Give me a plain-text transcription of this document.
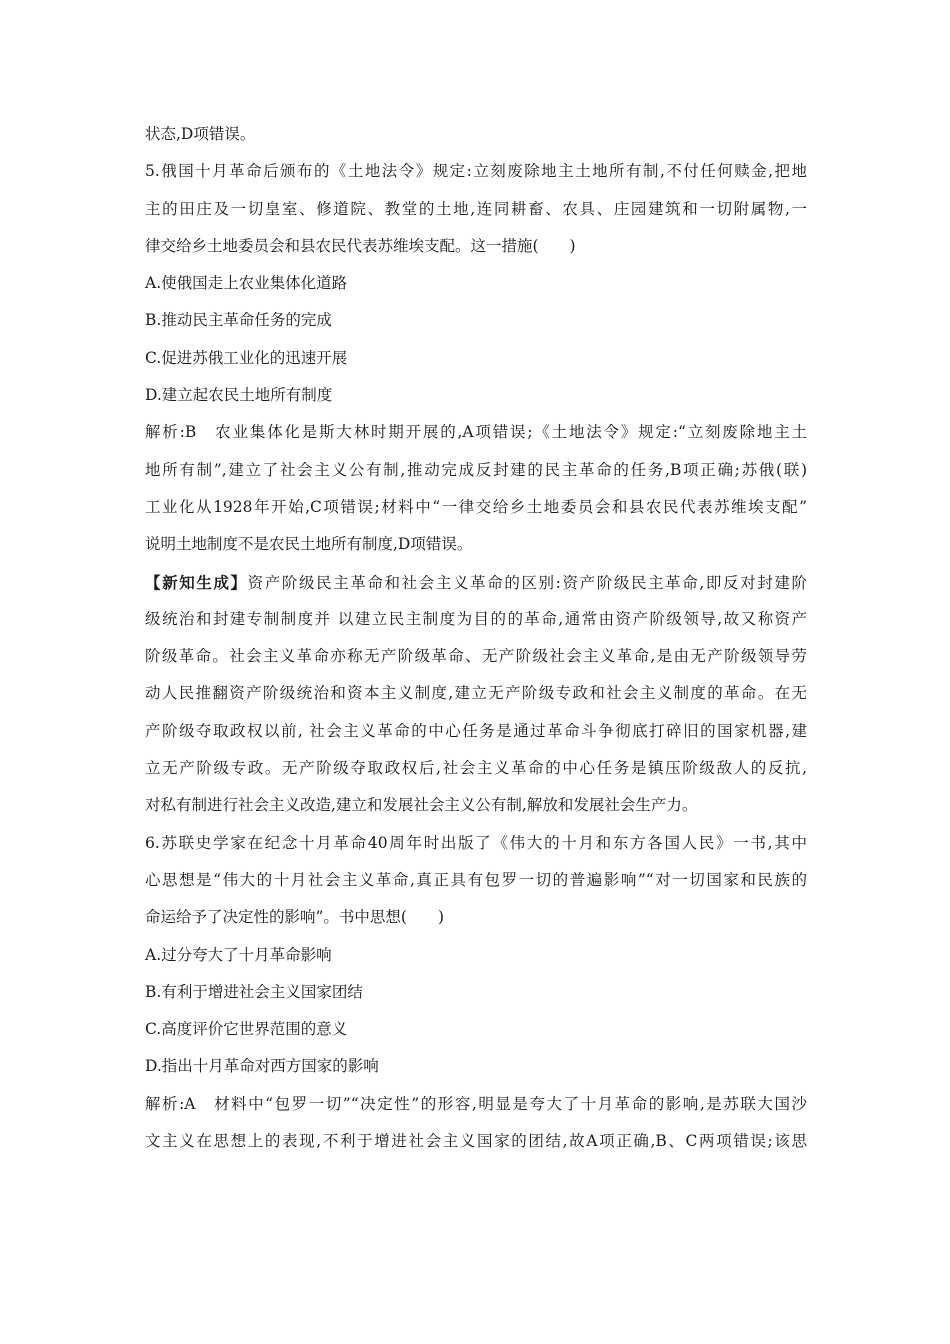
状态,D项错误。
5.俄国十月革命后颁布的《土地法令》规定:立刻废除地主土地所有制,不付任何赎金,把地
主的田庄及一切皇室、修道院、教堂的土地,连同耕畜、农具、庄园建筑和一切附属物,一
律交给乡土地委员会和县农民代表苏维埃支配。这一措施(　　)
A.使俄国走上农业集体化道路
B.推动民主革命任务的完成
C.促进苏俄工业化的迅速开展
D.建立起农民土地所有制度
解析:B　农业集体化是斯大林时期开展的,A项错误;《土地法令》规定:“立刻废除地主土
地所有制”,建立了社会主义公有制,推动完成反封建的民主革命的任务,B项正确;苏俄(联)
工业化从1928年开始,C项错误;材料中“一律交给乡土地委员会和县农民代表苏维埃支配”
说明土地制度不是农民土地所有制度,D项错误。
【新知生成】资产阶级民主革命和社会主义革命的区别:资产阶级民主革命,即反对封建阶
级统治和封建专制制度并 以建立民主制度为目的的革命,通常由资产阶级领导,故又称资产
阶级革命。社会主义革命亦称无产阶级革命、无产阶级社会主义革命,是由无产阶级领导劳
动人民推翻资产阶级统治和资本主义制度,建立无产阶级专政和社会主义制度的革命。在无
产阶级夺取政权以前, 社会主义革命的中心任务是通过革命斗争彻底打碎旧的国家机器,建
立无产阶级专政。无产阶级夺取政权后,社会主义革命的中心任务是镇压阶级敌人的反抗,
对私有制进行社会主义改造,建立和发展社会主义公有制,解放和发展社会生产力。
6.苏联史学家在纪念十月革命40周年时出版了《伟大的十月和东方各国人民》一书,其中
心思想是“伟大的十月社会主义革命,真正具有包罗一切的普遍影响”“对一切国家和民族的
命运给予了决定性的影响”。书中思想(　　)
A.过分夸大了十月革命影响
B.有利于增进社会主义国家团结
C.高度评价它世界范围的意义
D.指出十月革命对西方国家的影响
解析:A　材料中“包罗一切”“决定性”的形容,明显是夸大了十月革命的影响,是苏联大国沙
文主义在思想上的表现,不利于增进社会主义国家的团结,故A项正确,B、C两项错误;该思
